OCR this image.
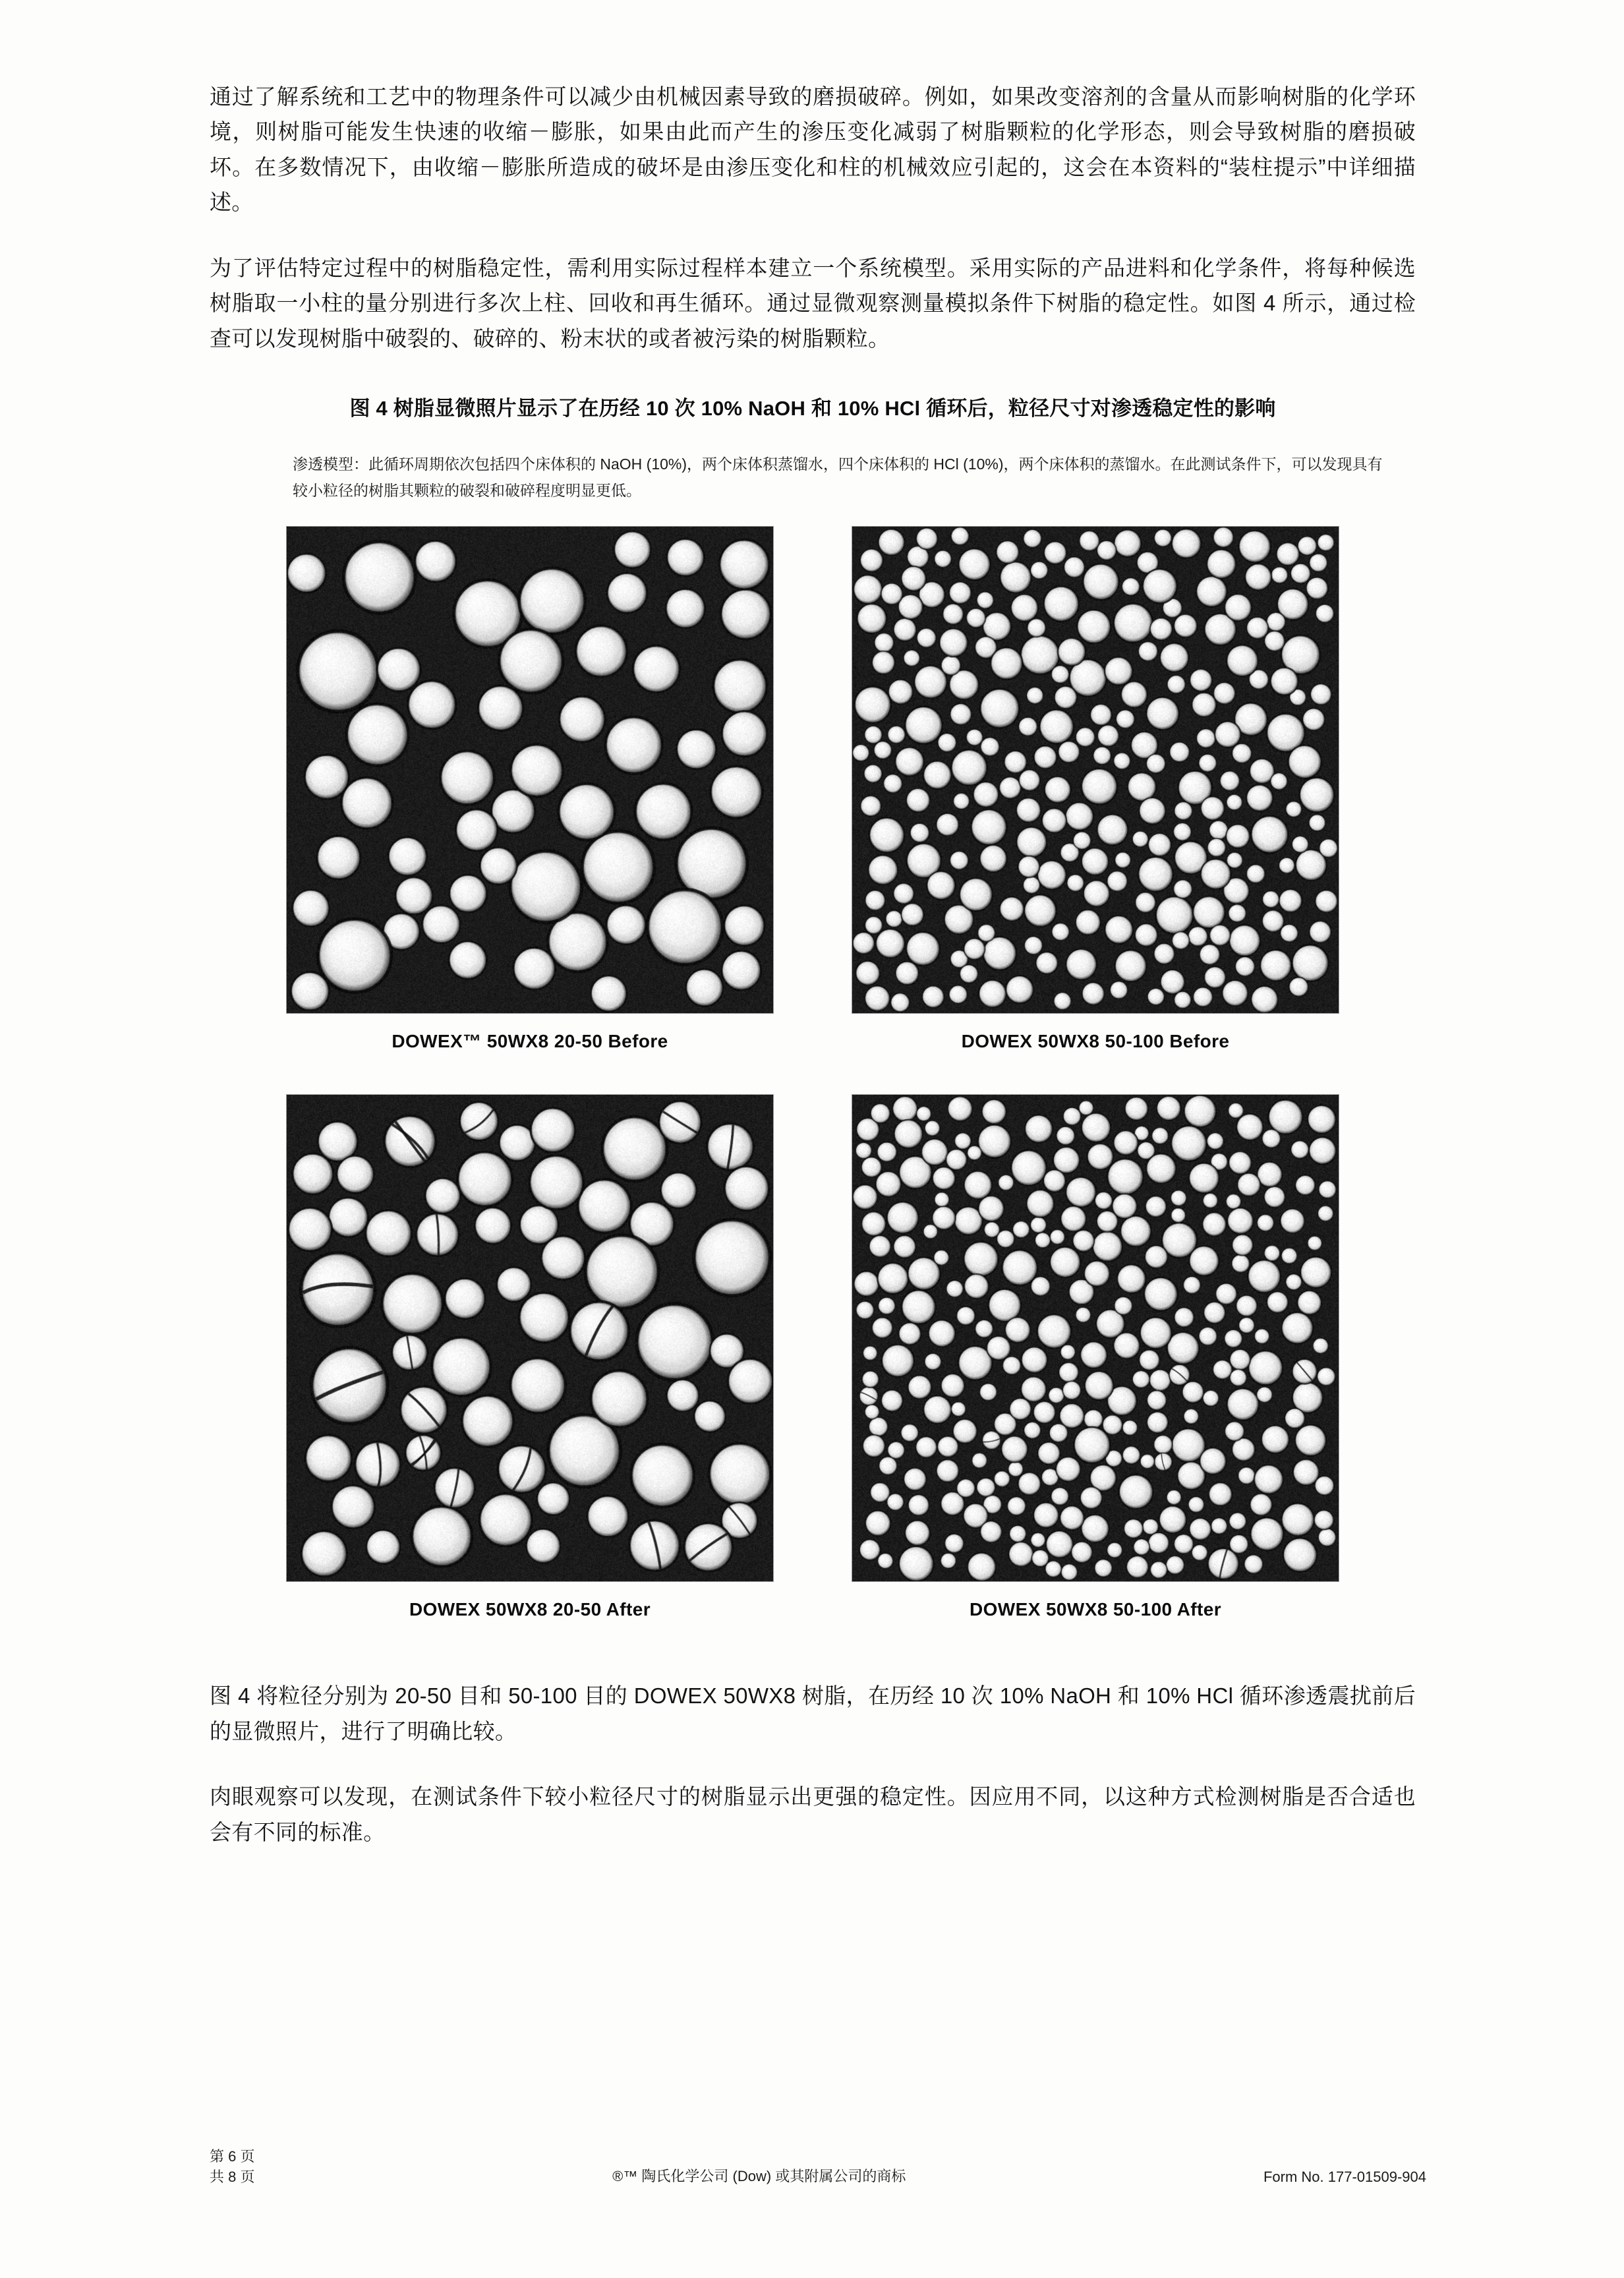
通过了解系统和工艺中的物理条件可以减少由机械因素导致的磨损破碎。例如，如果改变溶剂的含量从而影响树脂的化学环境，则树脂可能发生快速的收缩－膨胀，如果由此而产生的渗压变化减弱了树脂颗粒的化学形态，则会导致树脂的磨损破坏。在多数情况下，由收缩－膨胀所造成的破坏是由渗压变化和柱的机械效应引起的，这会在本资料的“装柱提示”中详细描述。

为了评估特定过程中的树脂稳定性，需利用实际过程样本建立一个系统模型。采用实际的产品进料和化学条件，将每种候选树脂取一小柱的量分别进行多次上柱、回收和再生循环。通过显微观察测量模拟条件下树脂的稳定性。如图 4 所示，通过检查可以发现树脂中破裂的、破碎的、粉末状的或者被污染的树脂颗粒。

图 4 树脂显微照片显示了在历经 10 次 10% NaOH 和 10% HCl 循环后，粒径尺寸对渗透稳定性的影响
渗透模型：此循环周期依次包括四个床体积的 NaOH (10%)，两个床体积蒸馏水，四个床体积的 HCl (10%)，两个床体积的蒸馏水。在此测试条件下，可以发现具有较小粒径的树脂其颗粒的破裂和破碎程度明显更低。
DOWEX™ 50WX8 20-50 Before	DOWEX 50WX8 50-100 Before
DOWEX 50WX8 20-50 After	DOWEX 50WX8 50-100 After

图 4 将粒径分别为 20-50 目和 50-100 目的 DOWEX 50WX8 树脂，在历经 10 次 10% NaOH 和 10% HCl 循环渗透震扰前后的显微照片，进行了明确比较。

肉眼观察可以发现，在测试条件下较小粒径尺寸的树脂显示出更强的稳定性。因应用不同，以这种方式检测树脂是否合适也会有不同的标准。

第 6 页
共 8 页	®™ 陶氏化学公司 (Dow) 或其附属公司的商标	Form No. 177-01509-904
